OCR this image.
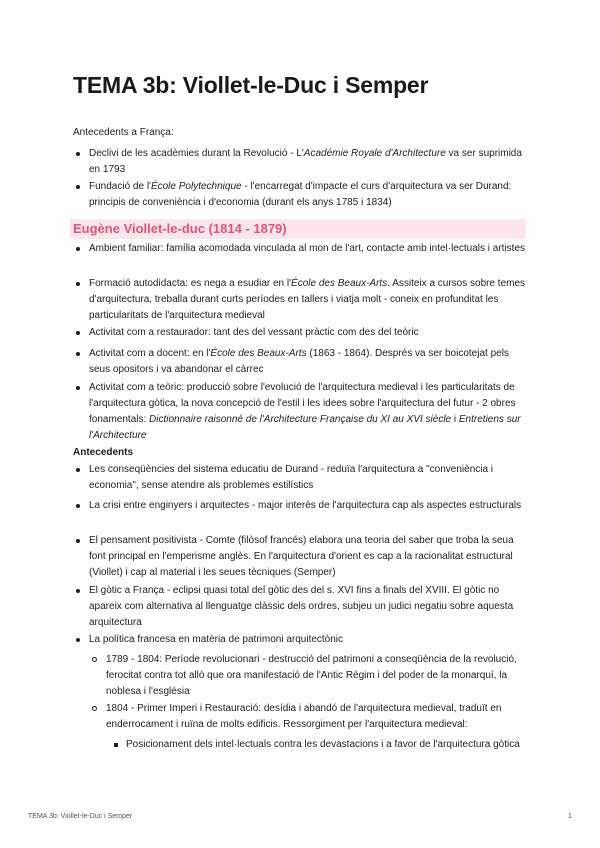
TEMA 3b: Viollet-le-Duc i Semper

Antecedents a França:

Declivi de les acadèmies durant la Revolució - L'Académie Royale d'Architecture va ser suprimida en 1793
Fundació de l'École Polytechnique - l'encarregat d'impacte el curs d'arquitectura va ser Durand: principis de conveniència i d'economia (durant els anys 1785 i 1834)
Eugène Viollet-le-duc (1814 - 1879)
Ambient familiar: família acomodada vinculada al mon de l'art, contacte amb intel·lectuals i artistes
Formació autodidacta: es nega a esudiar en l'École des Beaux-Arts. Assiteix a cursos sobre temes d'arquitectura, treballa durant curts períodes en tallers i viatja molt - coneix en profunditat les particularitats de l'arquitectura medieval
Activitat com a restaurador: tant des del vessant pràctic com des del teòric
Activitat com a docent: en l'École des Beaux-Arts (1863 - 1864). Després va ser boicotejat pels seus opositors i va abandonar el càrrec
Activitat com a teòric: producció sobre l'evolució de l'arquitectura medieval i les particularitats de l'arquitectura gòtica, la nova concepció de l'estil i les idees sobre l'arquitectura del futur - 2 obres fonamentals: Dictionnaire raisonné de l'Architecture Française du XI au XVI siècle i Entretiens sur l'Architecture
Antecedents
Les conseqüències del sistema educatiu de Durand - reduïa l'arquitectura a "conveniència i economia", sense atendre als problemes estilístics
La crisi entre enginyers i arquitectes - major interès de l'arquitectura cap als aspectes estructurals
El pensament positivista - Comte (filòsof francés) elabora una teoria del saber que troba la seua font principal en l'emperisme anglès. En l'arquitectura d'orient es cap a la racionalitat estructural (Viollet) i cap al material i les seues tècniques (Semper)
El gòtic a França - eclipsi quasi total del gòtic des del s. XVI fins a finals del XVIII. El gòtic no apareix com alternativa al llenguatge clàssic dels ordres, subjeu un judici negatiu sobre aquesta arquitectura
La política francesa en matèria de patrimoni arquitectònic
1789 - 1804: Període revolucionari - destrucció del patrimoni a conseqüència de la revolució, ferocitat contra tot allò que ora manifestació de l'Antic Règim i del poder de la monarquí, la noblesa i l'església
1804 - Primer Imperi i Restauració: desídia i abandó de l'arquitectura medieval, traduït en enderrocament i ruïna de molts edificis. Ressorgiment per l'arquitectura medieval:
Posicionament dels intel·lectuals contra les devastacions i a favor de l'arquitectura gòtica
TEMA 3b: Viollet-le-Duc i Semper	1
